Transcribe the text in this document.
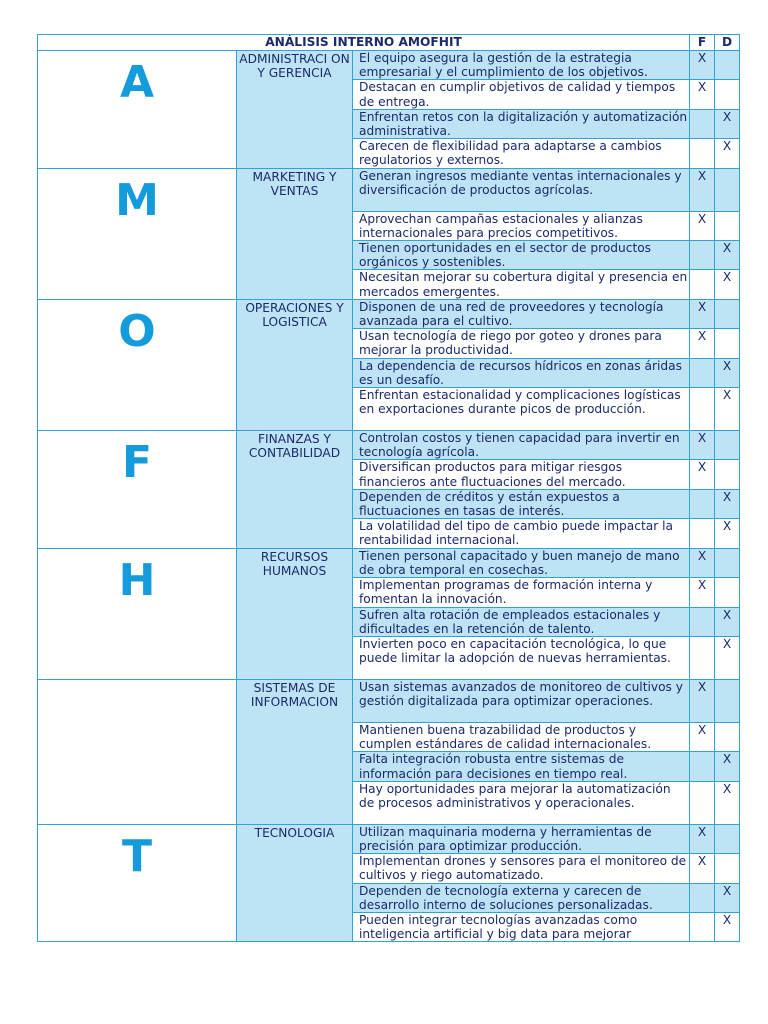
ANÁLISIS INTERNO AMOFHIT			F	D
A	ADMINISTRACI ON Y GERENCIA	El equipo asegura la gestión de la estrategia empresarial y el cumplimiento de los objetivos.	X	
		Destacan en cumplir objetivos de calidad y tiempos de entrega.	X	
		Enfrentan retos con la digitalización y automatización administrativa.		X
		Carecen de flexibilidad para adaptarse a cambios regulatorios y externos.		X
M	MARKETING Y VENTAS	Generan ingresos mediante ventas internacionales y diversificación de productos agrícolas.	X	
		Aprovechan campañas estacionales y alianzas internacionales para precios competitivos.	X	
		Tienen oportunidades en el sector de productos orgánicos y sostenibles.		X
		Necesitan mejorar su cobertura digital y presencia en mercados emergentes.		X
O	OPERACIONES Y LOGISTICA	Disponen de una red de proveedores y tecnología avanzada para el cultivo.	X	
		Usan tecnología de riego por goteo y drones para mejorar la productividad.	X	
		La dependencia de recursos hídricos en zonas áridas es un desafío.		X
		Enfrentan estacionalidad y complicaciones logísticas en exportaciones durante picos de producción.		X
F	FINANZAS Y CONTABILIDAD	Controlan costos y tienen capacidad para invertir en tecnología agrícola.	X	
		Diversifican productos para mitigar riesgos financieros ante fluctuaciones del mercado.	X	
		Dependen de créditos y están expuestos a fluctuaciones en tasas de interés.		X
		La volatilidad del tipo de cambio puede impactar la rentabilidad internacional.		X
H	RECURSOS HUMANOS	Tienen personal capacitado y buen manejo de mano de obra temporal en cosechas.	X	
		Implementan programas de formación interna y fomentan la innovación.	X	
		Sufren alta rotación de empleados estacionales y dificultades en la retención de talento.		X
		Invierten poco en capacitación tecnológica, lo que puede limitar la adopción de nuevas herramientas.		X
	SISTEMAS DE INFORMACION	Usan sistemas avanzados de monitoreo de cultivos y gestión digitalizada para optimizar operaciones.	X	
		Mantienen buena trazabilidad de productos y cumplen estándares de calidad internacionales.	X	
		Falta integración robusta entre sistemas de información para decisiones en tiempo real.		X
		Hay oportunidades para mejorar la automatización de procesos administrativos y operacionales.		X
T	TECNOLOGIA	Utilizan maquinaria moderna y herramientas de precisión para optimizar producción.	X	
		Implementan drones y sensores para el monitoreo de cultivos y riego automatizado.	X	
		Dependen de tecnología externa y carecen de desarrollo interno de soluciones personalizadas.		X
		Pueden integrar tecnologías avanzadas como inteligencia artificial y big data para mejorar		X
